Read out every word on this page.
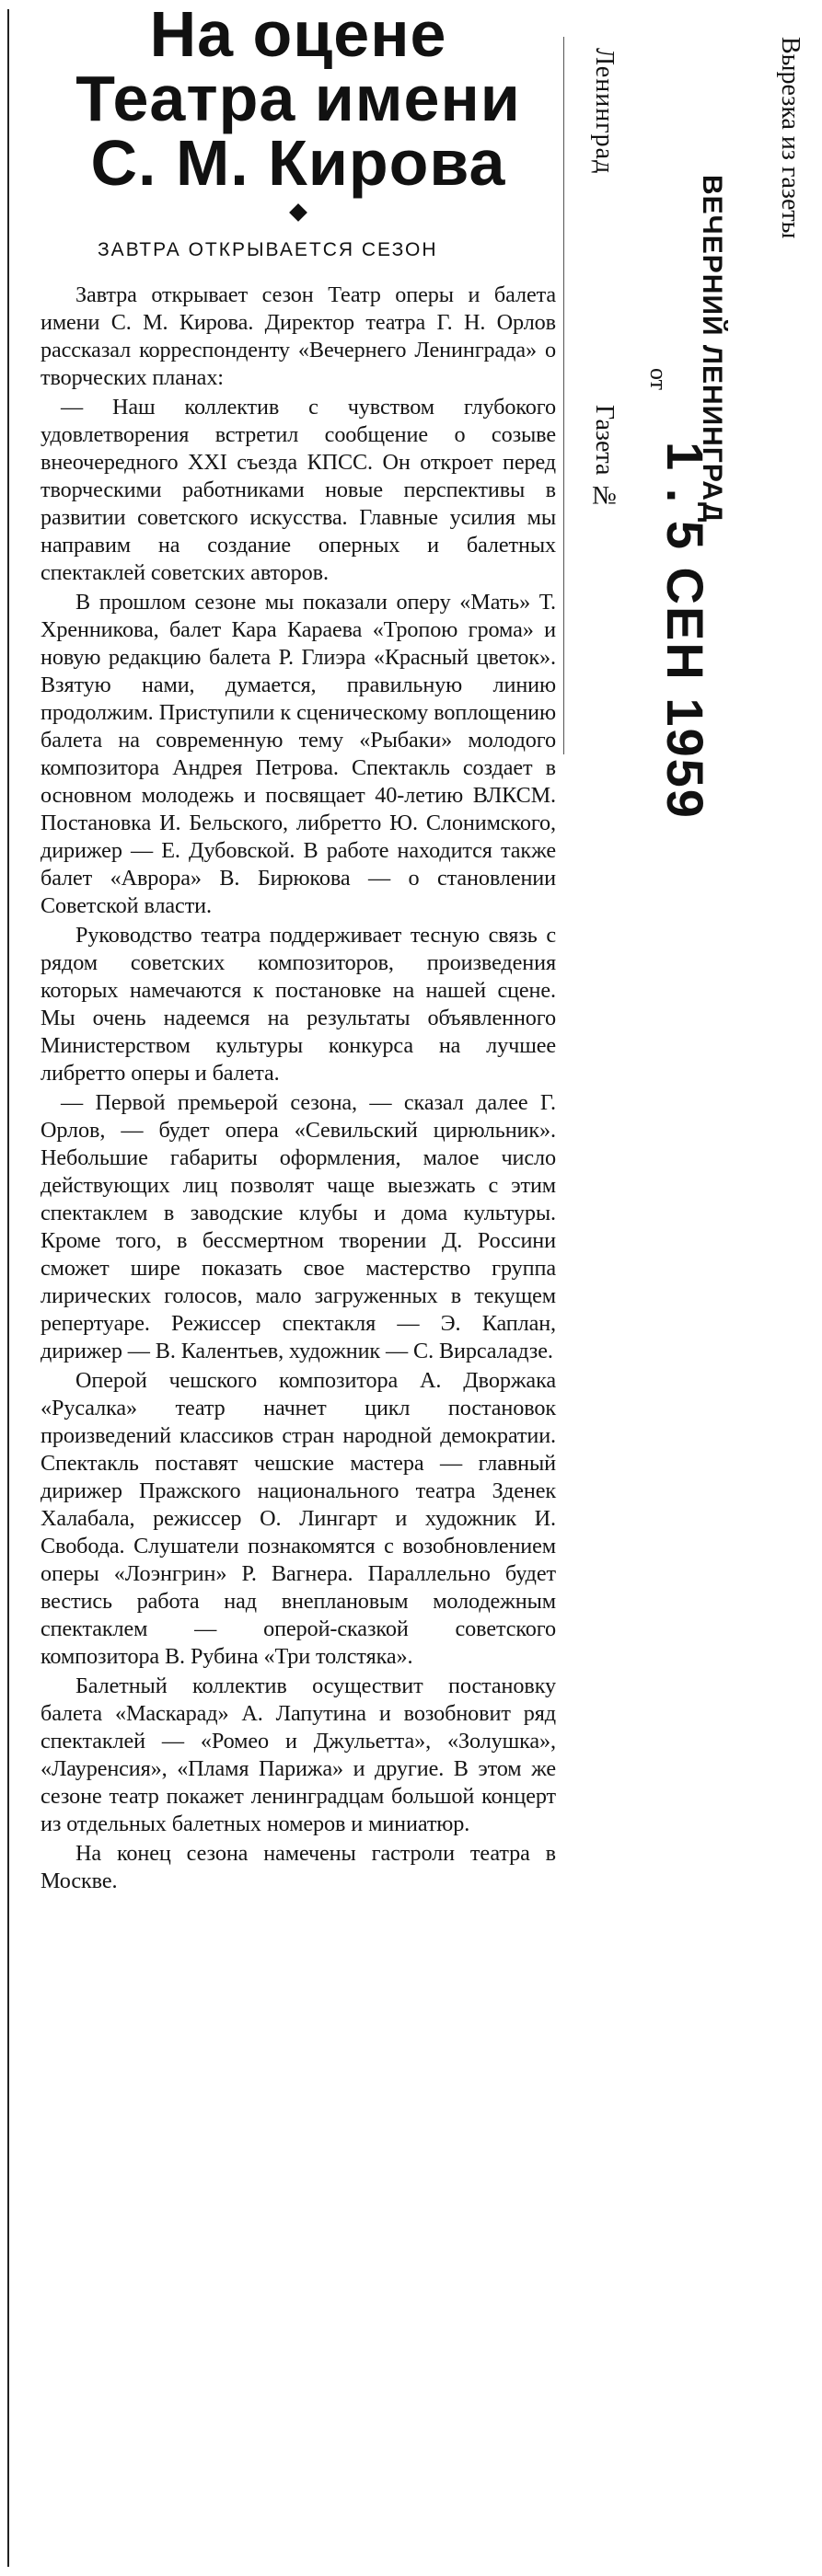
На оцене
Театра имени
С. М. Кирова
ЗАВТРА ОТКРЫВАЕТСЯ СЕЗОН

Завтра открывает сезон Театр оперы и балета имени С. М. Кирова. Директор театра Г. Н. Орлов рассказал корреспонденту «Вечернего Ленинграда» о творческих планах:

— Наш коллектив с чувством глубокого удовлетворения встретил сообщение о созыве внеочередного XXI съезда КПСС. Он откроет перед творческими работниками новые перспективы в развитии советского искусства. Главные усилия мы направим на создание оперных и балетных спектаклей советских авторов.

В прошлом сезоне мы показали оперу «Мать» Т. Хренникова, балет Кара Караева «Тропою грома» и новую редакцию балета Р. Глиэра «Красный цветок». Взятую нами, думается, правильную линию продолжим. Приступили к сценическому воплощению балета на современную тему «Рыбаки» молодого композитора Андрея Петрова. Спектакль создает в основном молодежь и посвящает 40-летию ВЛКСМ. Постановка И. Бельского, либретто Ю. Слонимского, дирижер — Е. Дубовской. В работе находится также балет «Аврора» В. Бирюкова — о становлении Советской власти.

Руководство театра поддерживает тесную связь с рядом советских композиторов, произведения которых намечаются к постановке на нашей сцене. Мы очень надеемся на результаты объявленного Министерством культуры конкурса на лучшее либретто оперы и балета.

— Первой премьерой сезона, — сказал далее Г. Орлов, — будет опера «Севильский цирюльник». Небольшие габариты оформления, малое число действующих лиц позволят чаще выезжать с этим спектаклем в заводские клубы и дома культуры. Кроме того, в бессмертном творении Д. Россини сможет шире показать свое мастерство группа лирических голосов, мало загруженных в текущем репертуаре. Режиссер спектакля — Э. Каплан, дирижер — В. Калентьев, художник — С. Вирсаладзе.

Оперой чешского композитора А. Дворжака «Русалка» театр начнет цикл постановок произведений классиков стран народной демократии. Спектакль поставят чешские мастера — главный дирижер Пражского национального театра Зденек Халабала, режиссер О. Лингарт и художник И. Свобода. Слушатели познакомятся с возобновлением оперы «Лоэнгрин» Р. Вагнера. Параллельно будет вестись работа над внеплановым молодежным спектаклем — оперой-сказкой советского композитора В. Рубина «Три толстяка».

Балетный коллектив осуществит постановку балета «Маскарад» А. Лапутина и возобновит ряд спектаклей — «Ромео и Джульетта», «Золушка», «Лауренсия», «Пламя Парижа» и другие. В этом же сезоне театр покажет ленинградцам большой концерт из отдельных балетных номеров и миниатюр.

На конец сезона намечены гастроли театра в Москве.

Вырезка из газеты
ВЕЧЕРНИЙ ЛЕНИНГРАД
Ленинград
от
1 . 5 СЕН 1959
Газета №
